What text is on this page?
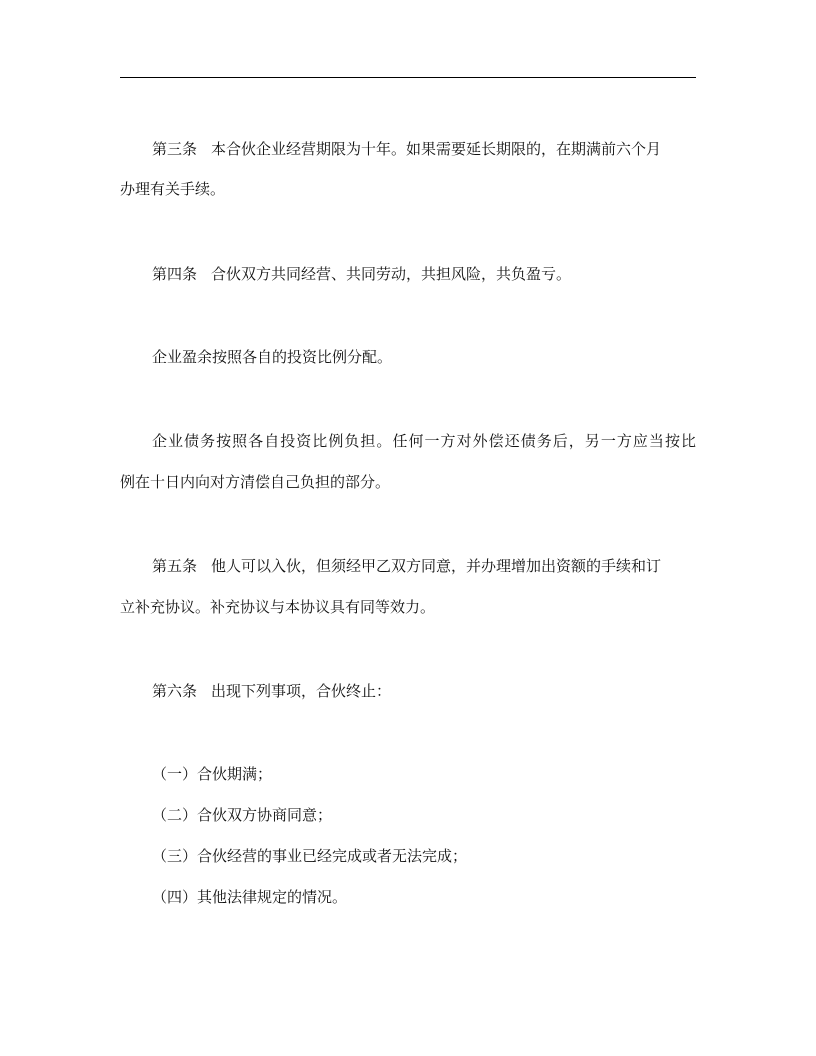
第三条 本合伙企业经营期限为十年。如果需要延长期限的，在期满前六个月
办理有关手续。
第四条 合伙双方共同经营、共同劳动，共担风险，共负盈亏。
企业盈余按照各自的投资比例分配。
企业债务按照各自投资比例负担。任何一方对外偿还债务后，另一方应当按比
例在十日内向对方清偿自己负担的部分。
第五条 他人可以入伙，但须经甲乙双方同意，并办理增加出资额的手续和订
立补充协议。补充协议与本协议具有同等效力。
第六条 出现下列事项，合伙终止：
（一）合伙期满；
（二）合伙双方协商同意；
（三）合伙经营的事业已经完成或者无法完成；
（四）其他法律规定的情况。
